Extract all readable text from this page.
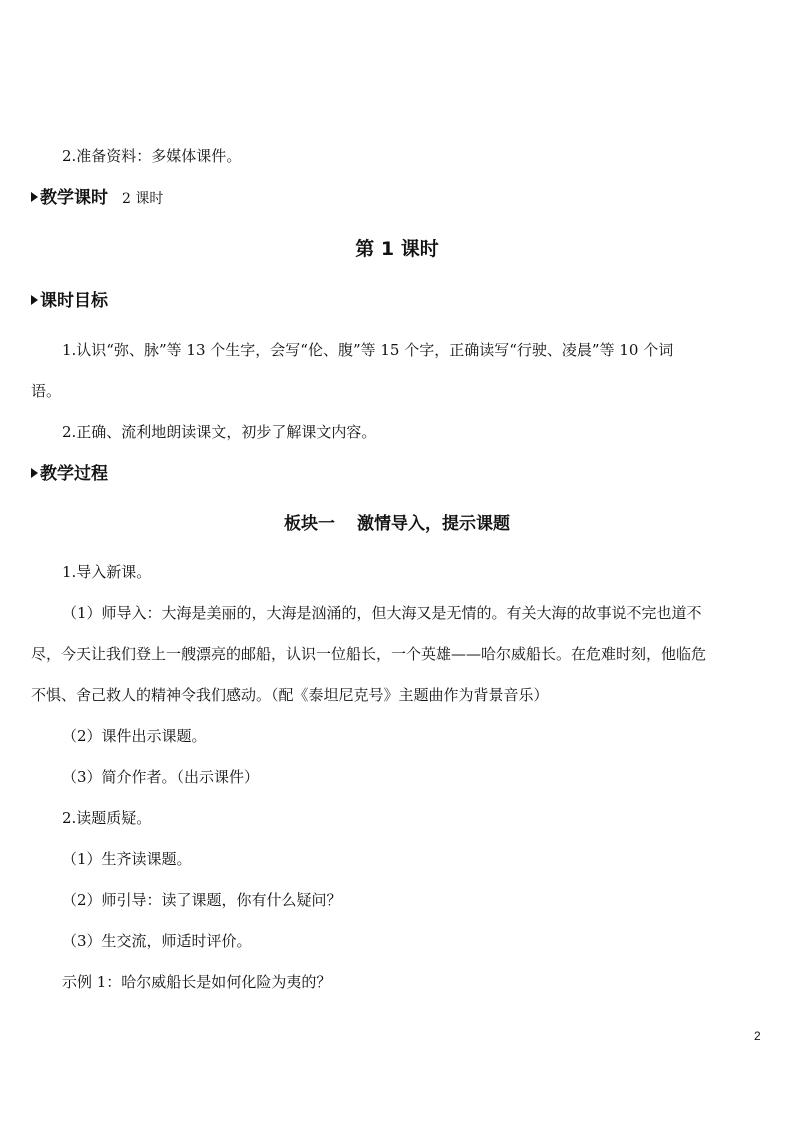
2.准备资料：多媒体课件。
教学课时 2 课时
第 1 课时
课时目标
1.认识“弥、脉”等 13 个生字，会写“伦、腹”等 15 个字，正确读写“行驶、凌晨”等 10 个词
语。
2.正确、流利地朗读课文，初步了解课文内容。
教学过程
板块一 激情导入，提示课题
1.导入新课。
（1）师导入：大海是美丽的，大海是汹涌的，但大海又是无情的。有关大海的故事说不完也道不
尽，今天让我们登上一艘漂亮的邮船，认识一位船长，一个英雄——哈尔威船长。在危难时刻，他临危
不惧、舍己救人的精神令我们感动。（配《泰坦尼克号》主题曲作为背景音乐）
（2）课件出示课题。
（3）简介作者。（出示课件）
2.读题质疑。
（1）生齐读课题。
（2）师引导：读了课题，你有什么疑问？
（3）生交流，师适时评价。
示例 1：哈尔威船长是如何化险为夷的？
2
